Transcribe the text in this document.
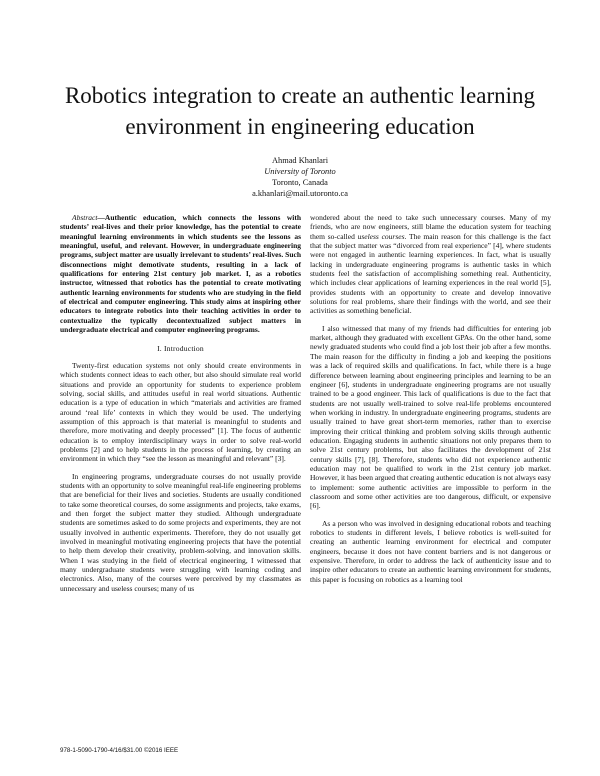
Robotics integration to create an authentic learning environment in engineering education
Ahmad Khanlari
University of Toronto
Toronto, Canada
a.khanlari@mail.utoronto.ca

Abstract—Authentic education, which connects the lessons with students’ real-lives and their prior knowledge, has the potential to create meaningful learning environments in which students see the lessons as meaningful, useful, and relevant. However, in undergraduate engineering programs, subject matter are usually irrelevant to students’ real-lives. Such disconnections might demotivate students, resulting in a lack of qualifications for entering 21st century job market. I, as a robotics instructor, witnessed that robotics has the potential to create motivating authentic learning environments for students who are studying in the field of electrical and computer engineering. This study aims at inspiring other educators to integrate robotics into their teaching activities in order to contextualize the typically decontextualized subject matters in undergraduate electrical and computer engineering programs.

I. Introduction

Twenty-first education systems not only should create environments in which students connect ideas to each other, but also should simulate real world situations and provide an opportunity for students to experience problem solving, social skills, and attitudes useful in real world situations. Authentic education is a type of education in which “materials and activities are framed around ‘real life’ contexts in which they would be used. The underlying assumption of this approach is that material is meaningful to students and therefore, more motivating and deeply processed” [1]. The focus of authentic education is to employ interdisciplinary ways in order to solve real-world problems [2] and to help students in the process of learning, by creating an environment in which they “see the lesson as meaningful and relevant” [3].

In engineering programs, undergraduate courses do not usually provide students with an opportunity to solve meaningful real-life engineering problems that are beneficial for their lives and societies. Students are usually conditioned to take some theoretical courses, do some assignments and projects, take exams, and then forget the subject matter they studied. Although undergraduate students are sometimes asked to do some projects and experiments, they are not usually involved in authentic experiments. Therefore, they do not usually get involved in meaningful motivating engineering projects that have the potential to help them develop their creativity, problem-solving, and innovation skills. When I was studying in the field of electrical engineering, I witnessed that many undergraduate students were struggling with learning coding and electronics. Also, many of the courses were perceived by my classmates as unnecessary and useless courses; many of us

wondered about the need to take such unnecessary courses. Many of my friends, who are now engineers, still blame the education system for teaching them so-called useless courses. The main reason for this challenge is the fact that the subject matter was “divorced from real experience” [4], where students were not engaged in authentic learning experiences. In fact, what is usually lacking in undergraduate engineering programs is authentic tasks in which students feel the satisfaction of accomplishing something real. Authenticity, which includes clear applications of learning experiences in the real world [5], provides students with an opportunity to create and develop innovative solutions for real problems, share their findings with the world, and see their activities as something beneficial.

I also witnessed that many of my friends had difficulties for entering job market, although they graduated with excellent GPAs. On the other hand, some newly graduated students who could find a job lost their job after a few months. The main reason for the difficulty in finding a job and keeping the positions was a lack of required skills and qualifications. In fact, while there is a huge difference between learning about engineering principles and learning to be an engineer [6], students in undergraduate engineering programs are not usually trained to be a good engineer. This lack of qualifications is due to the fact that students are not usually well-trained to solve real-life problems encountered when working in industry. In undergraduate engineering programs, students are usually trained to have great short-term memories, rather than to exercise improving their critical thinking and problem solving skills through authentic education. Engaging students in authentic situations not only prepares them to solve 21st century problems, but also facilitates the development of 21st century skills [7], [8]. Therefore, students who did not experience authentic education may not be qualified to work in the 21st century job market. However, it has been argued that creating authentic education is not always easy to implement: some authentic activities are impossible to perform in the classroom and some other activities are too dangerous, difficult, or expensive [6].

As a person who was involved in designing educational robots and teaching robotics to students in different levels, I believe robotics is well-suited for creating an authentic learning environment for electrical and computer engineers, because it does not have content barriers and is not dangerous or expensive. Therefore, in order to address the lack of authenticity issue and to inspire other educators to create an authentic learning environment for students, this paper is focusing on robotics as a learning tool

978-1-5090-1790-4/16/$31.00 ©2016 IEEE
